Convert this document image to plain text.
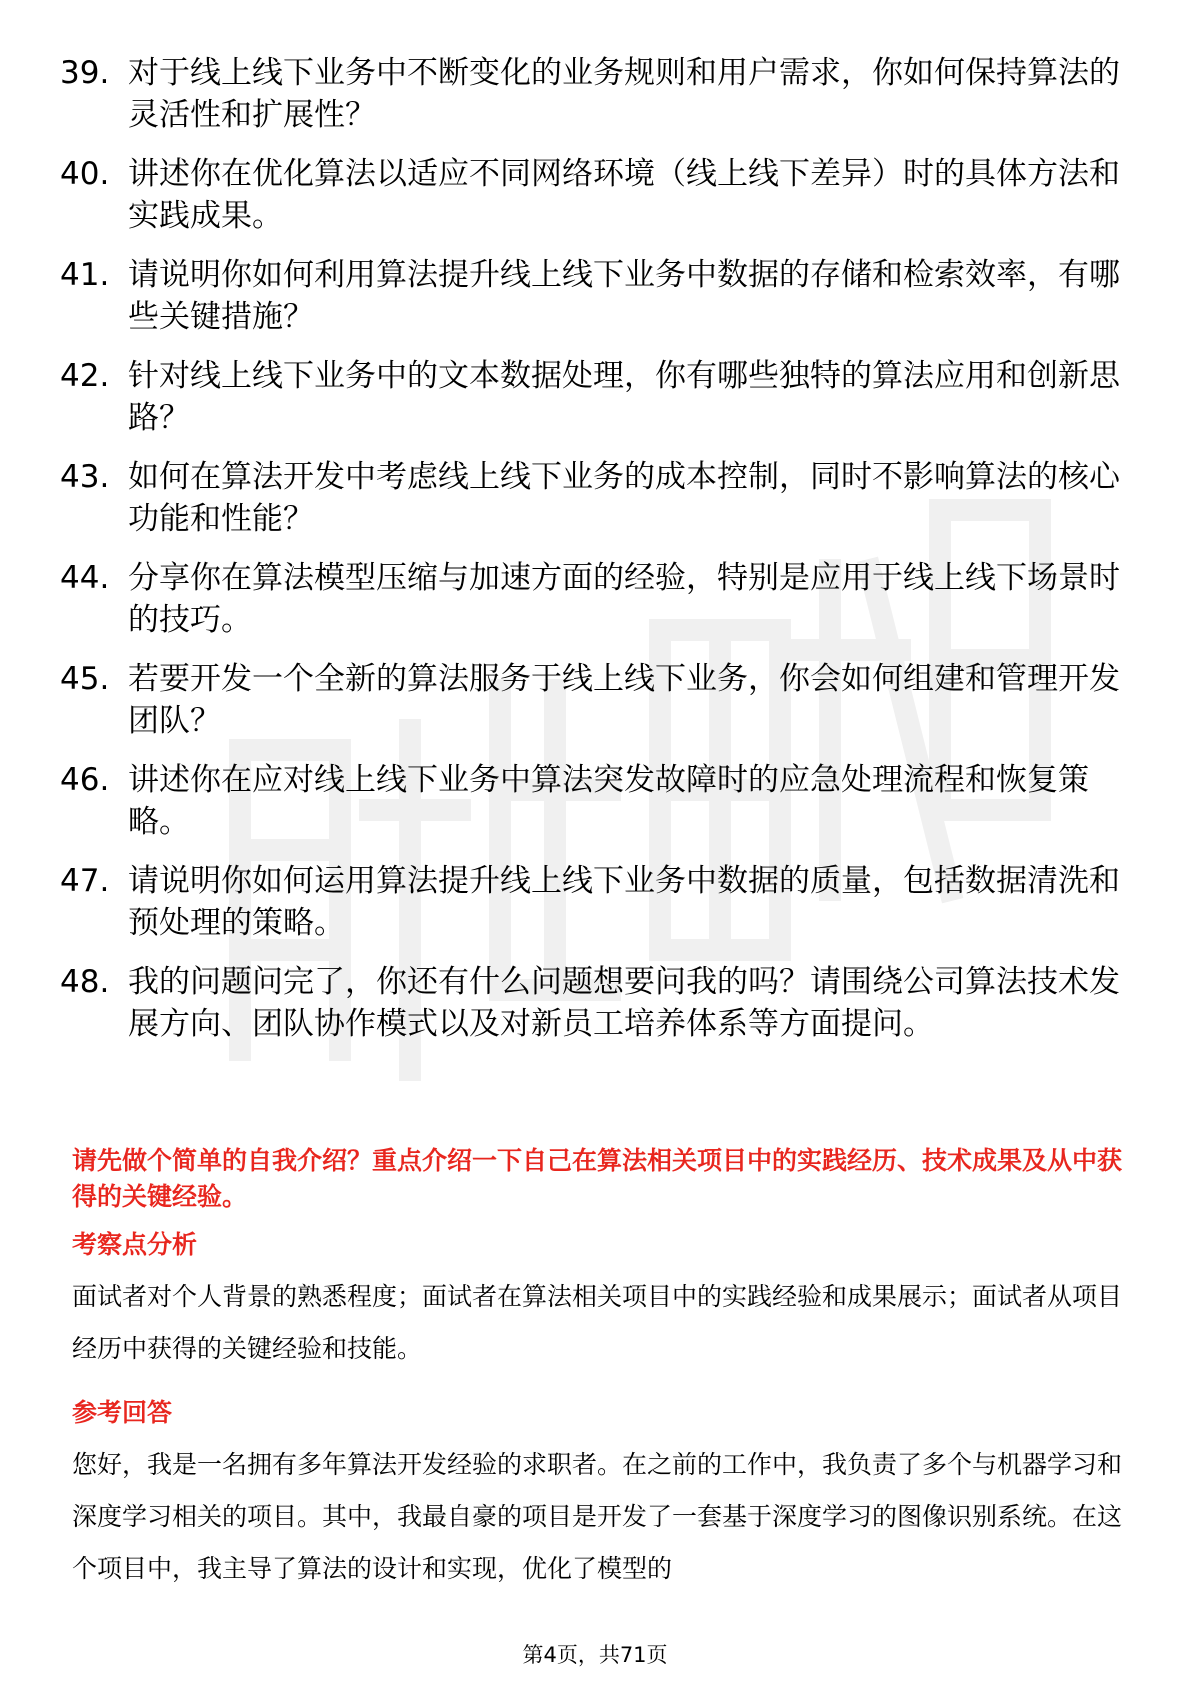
39. 对于线上线下业务中不断变化的业务规则和用户需求，你如何保持算法的灵活性和扩展性？
40. 讲述你在优化算法以适应不同网络环境（线上线下差异）时的具体方法和实践成果。
41. 请说明你如何利用算法提升线上线下业务中数据的存储和检索效率，有哪些关键措施？
42. 针对线上线下业务中的文本数据处理，你有哪些独特的算法应用和创新思路？
43. 如何在算法开发中考虑线上线下业务的成本控制，同时不影响算法的核心功能和性能？
44. 分享你在算法模型压缩与加速方面的经验，特别是应用于线上线下场景时的技巧。
45. 若要开发一个全新的算法服务于线上线下业务，你会如何组建和管理开发团队？
46. 讲述你在应对线上线下业务中算法突发故障时的应急处理流程和恢复策略。
47. 请说明你如何运用算法提升线上线下业务中数据的质量，包括数据清洗和预处理的策略。
48. 我的问题问完了，你还有什么问题想要问我的吗？请围绕公司算法技术发展方向、团队协作模式以及对新员工培养体系等方面提问。

请先做个简单的自我介绍？重点介绍一下自己在算法相关项目中的实践经历、技术成果及从中获得的关键经验。

考察点分析

面试者对个人背景的熟悉程度；面试者在算法相关项目中的实践经验和成果展示；面试者从项目经历中获得的关键经验和技能。

参考回答

您好，我是一名拥有多年算法开发经验的求职者。在之前的工作中，我负责了多个与机器学习和深度学习相关的项目。其中，我最自豪的项目是开发了一套基于深度学习的图像识别系统。在这个项目中，我主导了算法的设计和实现，优化了模型的

第4页，共71页
